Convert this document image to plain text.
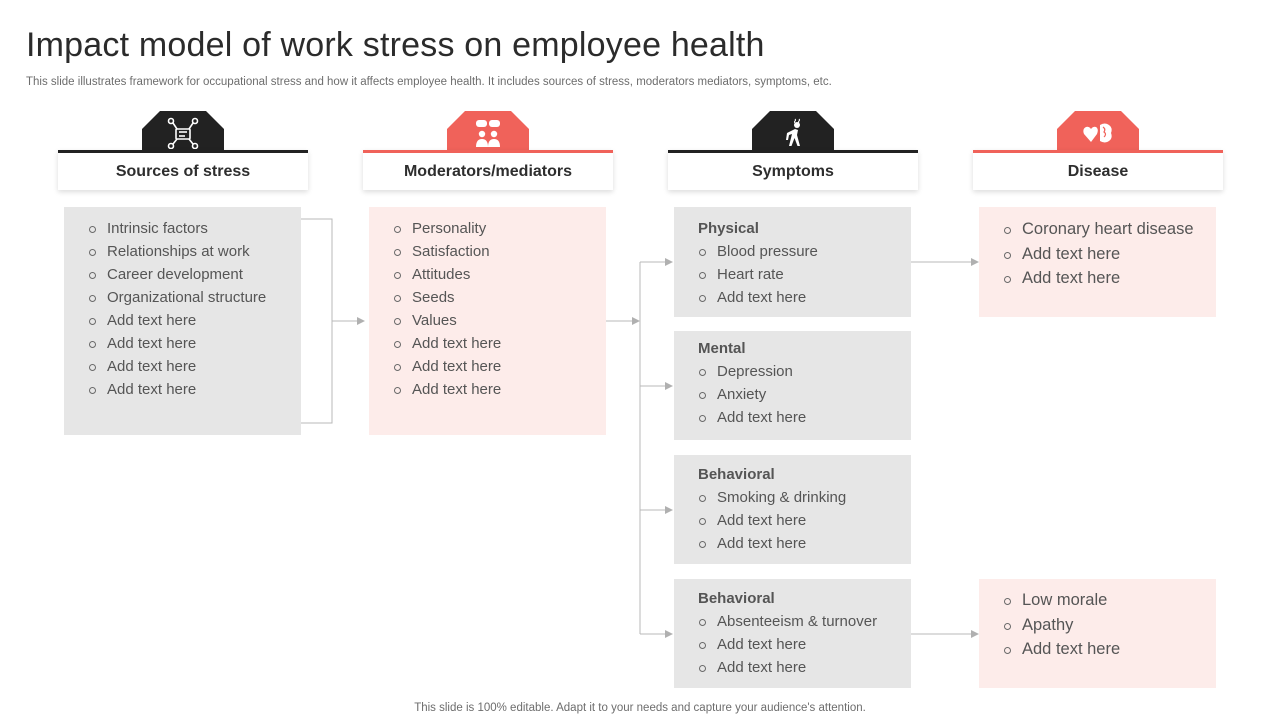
Impact model of work stress on employee health
This slide illustrates framework for occupational stress and how it affects employee health. It includes sources of stress, moderators mediators, symptoms, etc.
Sources of stress	Moderators/mediators	Symptoms	Disease
Intrinsic factors
Relationships at work
Career development
Organizational structure
Add text here
Add text here
Add text here
Add text here
Personality
Satisfaction
Attitudes
Seeds
Values
Add text here
Add text here
Add text here
Physical
Blood pressure
Heart rate
Add text here
Mental
Depression
Anxiety
Add text here
Behavioral
Smoking & drinking
Add text here
Add text here
Behavioral
Absenteeism & turnover
Add text here
Add text here
Coronary heart disease
Add text here
Add text here
Low morale
Apathy
Add text here
This slide is 100% editable. Adapt it to your needs and capture your audience's attention.
